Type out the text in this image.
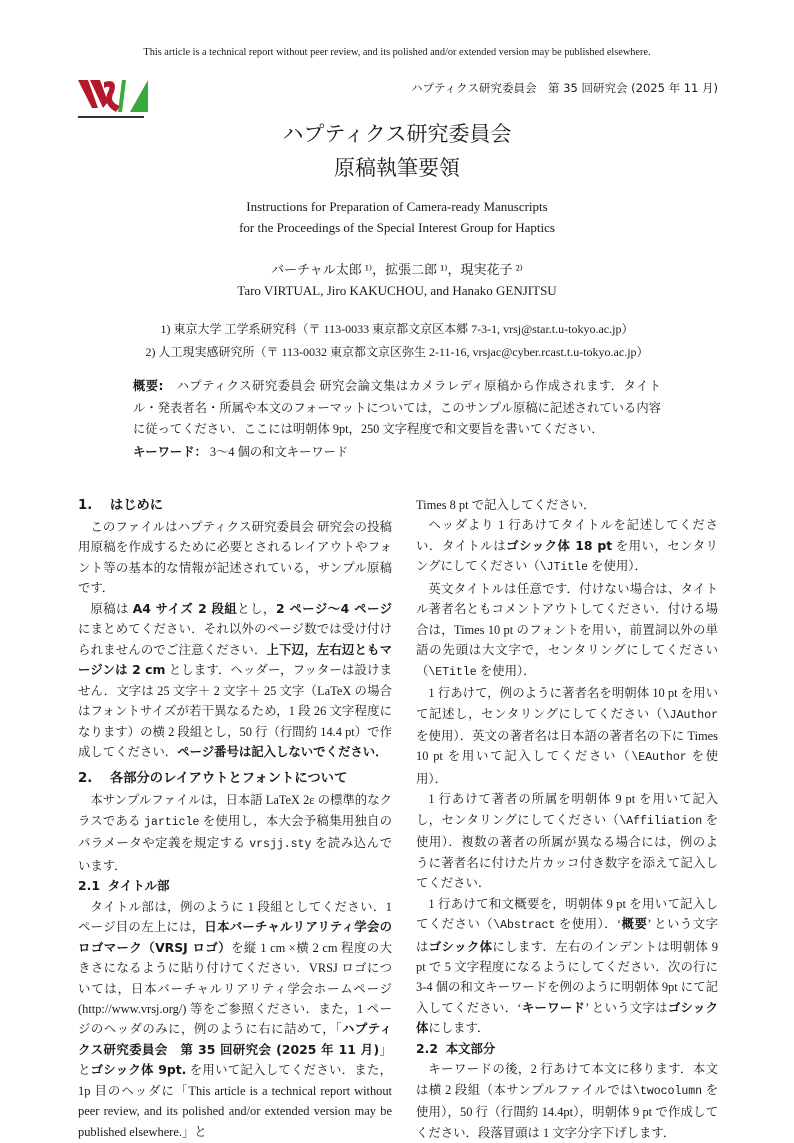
This article is a technical report without peer review, and its polished and/or extended version may be published elsewhere.
ハプティクス研究委員会　第 35 回研究会 (2025 年 11 月)
ハプティクス研究委員会
原稿執筆要領
Instructions for Preparation of Camera-ready Manuscripts
for the Proceedings of the Special Interest Group for Haptics
バーチャル太郎 ¹⁾，拡張二郎 ¹⁾，現実花子 ²⁾
Taro VIRTUAL, Jiro KAKUCHOU, and Hanako GENJITSU
1) 東京大学 工学系研究科（〒 113-0033 東京都文京区本郷 7-3-1, vrsj@star.t.u-tokyo.ac.jp）
2) 人工現実感研究所（〒 113-0032 東京都文京区弥生 2-11-16, vrsjac@cyber.rcast.t.u-tokyo.ac.jp）
概要:　 ハプティクス研究委員会 研究会論文集はカメラレディ原稿から作成されます．タイトル・発表者名・所属や本文のフォーマットについては，このサンプル原稿に記述されている内容に従ってください．ここには明朝体 9pt，250 文字程度で和文要旨を書いてください．
キーワード： 3〜4 個の和文キーワード
1. はじめに

このファイルはハプティクス研究委員会 研究会の投稿用原稿を作成するために必要とされるレイアウトやフォント等の基本的な情報が記述されている，サンプル原稿です．

原稿は A4 サイズ 2 段組とし，2 ページ〜4 ページにまとめてください．それ以外のページ数では受け付けられませんのでご注意ください．上下辺，左右辺ともマージンは 2 cm とします．ヘッダー，フッターは設けません．文字は 25 文字＋ 2 文字＋ 25 文字（LaTeX の場合はフォントサイズが若干異なるため，1 段 26 文字程度になります）の横 2 段組とし，50 行（行間約 14.4 pt）で作成してください．ページ番号は記入しないでください．

2. 各部分のレイアウトとフォントについて

本サンプルファイルは，日本語 LaTeX 2ε の標準的なクラスである jarticle を使用し，本大会予稿集用独自のパラメータや定義を規定する vrsjj.sty を読み込んでいます．

2.1 タイトル部

タイトル部は，例のように 1 段組としてください．1 ページ目の左上には，日本バーチャルリアリティ学会のロゴマーク（VRSJ ロゴ）を縦 1 cm ×横 2 cm 程度の大きさになるように貼り付けてください．VRSJ ロゴについては，日本バーチャルリアリティ学会ホームページ (http://www.vrsj.org/) 等をご参照ください．また，1 ページのヘッダのみに，例のように右に詰めて，「ハプティクス研究委員会　第 35 回研究会 (2025 年 11 月)」とゴシック体 9pt. を用いて記入してください．また，1p 目のヘッダに「This article is a technical report without peer review, and its polished and/or extended version may be published elsewhere.」と

Times 8 pt で記入してください．

ヘッダより 1 行あけてタイトルを記述してください．タイトルはゴシック体 18 pt を用い，センタリングにしてください（\JTitle を使用）．

英文タイトルは任意です．付けない場合は、タイトル著者名ともコメントアウトしてください．付ける場合は，Times 10 pt のフォントを用い，前置詞以外の単語の先頭は大文字で，センタリングにしてください（\ETitle を使用）．

1 行あけて，例のように著者名を明朝体 10 pt を用いて記述し，センタリングにしてください（\JAuthor を使用）．英文の著者名は日本語の著者名の下に Times 10 pt を用いて記入してください（\EAuthor を使用）．

1 行あけて著者の所属を明朝体 9 pt を用いて記入し，センタリングにしてください（\Affiliation を使用）．複数の著者の所属が異なる場合には，例のように著者名に付けた片カッコ付き数字を添えて記入してください．

1 行あけて和文概要を，明朝体 9 pt を用いて記入してください（\Abstract を使用）．‘概要’ という文字はゴシック体にします．左右のインデントは明朝体 9 pt で 5 文字程度になるようにしてください．次の行に 3-4 個の和文キーワードを例のように明朝体 9pt にて記入してください．‘キーワード’ という文字はゴシック体にします．

2.2 本文部分

キーワードの後，2 行あけて本文に移ります．本文は横 2 段組（本サンプルファイルでは\twocolumn を使用），50 行（行間約 14.4pt），明朝体 9 pt で作成してください．段落冒頭は 1 文字分字下げします．
